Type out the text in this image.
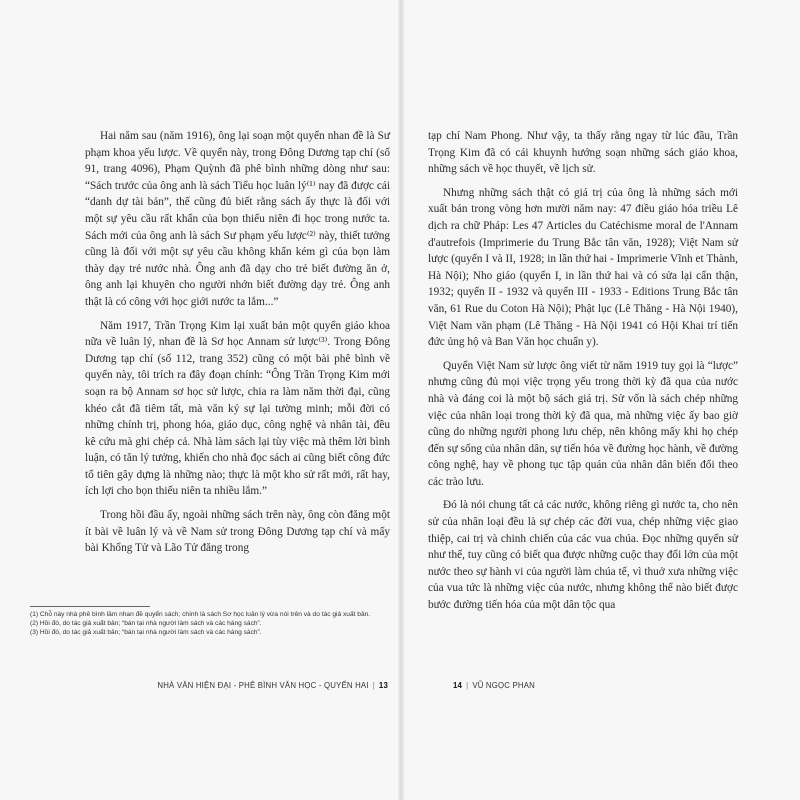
Hai năm sau (năm 1916), ông lại soạn một quyển nhan đề là Sư phạm khoa yếu lược. Về quyển này, trong Đông Dương tạp chí (số 91, trang 4096), Phạm Quỳnh đã phê bình những dòng như sau: “Sách trước của ông anh là sách Tiểu học luân lý⁽¹⁾ nay đã được cái “danh dự tài bản”, thế cũng đủ biết rằng sách ấy thực là đối với một sự yêu cầu rất khẩn của bọn thiếu niên đi học trong nước ta. Sách mới của ông anh là sách Sư phạm yếu lược⁽²⁾ này, thiết tưởng cũng là đối với một sự yêu cầu không khẩn kém gì của bọn làm thày dạy trẻ nước nhà. Ông anh đã dạy cho trẻ biết đường ăn ở, ông anh lại khuyên cho người nhớn biết đường dạy trẻ. Ông anh thật là có công với học giới nước ta lắm...”

Năm 1917, Trần Trọng Kim lại xuất bản một quyển giáo khoa nữa về luân lý, nhan đề là Sơ học Annam sử lược⁽³⁾. Trong Đông Dương tạp chí (số 112, trang 352) cũng có một bài phê bình về quyển này, tôi trích ra đây đoạn chính: “Ông Trần Trọng Kim mới soạn ra bộ Annam sơ học sử lược, chia ra làm năm thời đại, cũng khéo cắt đã tiêm tất, mà văn ký sự lại tường minh; mỗi đời có những chính trị, phong hóa, giáo dục, công nghệ và nhân tài, đều kê cứu mà ghi chép cả. Nhà làm sách lại tùy việc mà thêm lời bình luận, có tăn lý tưởng, khiến cho nhà đọc sách ai cũng biết công đức tổ tiên gây dựng là những nào; thực là một kho sử rất mới, rất hay, ích lợi cho bọn thiếu niên ta nhiều lắm.”

Trong hồi đầu ấy, ngoài những sách trên này, ông còn đăng một ít bài về luân lý và về Nam sử trong Đông Dương tạp chí và mấy bài Khổng Tử và Lão Tử đăng trong

(1) Chỗ này nhà phê bình lầm nhan đề quyển sách; chính là sách Sơ học luân lý vừa nói trên và do tác giả xuất bản.

(2) Hồi đó, do tác giả xuất bản; “bán tại nhà người làm sách và các hàng sách”.

(3) Hồi đó, do tác giả xuất bản; “bán tại nhà người làm sách và các hàng sách”.

NHÀ VĂN HIỆN ĐẠI - PHÊ BÌNH VĂN HỌC - QUYỂN HAI | 13

tạp chí Nam Phong. Như vậy, ta thấy rằng ngay từ lúc đầu, Trần Trọng Kim đã có cái khuynh hướng soạn những sách giáo khoa, những sách về học thuyết, về lịch sử.

Nhưng những sách thật có giá trị của ông là những sách mới xuất bản trong vòng hơn mười năm nay: 47 điều giáo hóa triều Lê dịch ra chữ Pháp: Les 47 Articles du Catéchisme moral de l'Annam d'autrefois (Imprimerie du Trung Bắc tân văn, 1928); Việt Nam sử lược (quyển I và II, 1928; in lần thứ hai - Imprimerie Vĩnh et Thành, Hà Nội); Nho giáo (quyển I, in lần thứ hai và có sửa lại cẩn thận, 1932; quyển II - 1932 và quyển III - 1933 - Editions Trung Bắc tân văn, 61 Rue du Coton Hà Nội); Phật lục (Lê Thăng - Hà Nội 1940), Việt Nam văn phạm (Lê Thăng - Hà Nội 1941 có Hội Khai trí tiến đức ủng hộ và Ban Văn học chuẩn y).

Quyển Việt Nam sử lược ông viết từ năm 1919 tuy gọi là “lược” nhưng cũng đủ mọi việc trọng yếu trong thời kỳ đã qua của nước nhà và đáng coi là một bộ sách giá trị. Sử vốn là sách chép những việc của nhân loại trong thời kỳ đã qua, mà những việc ấy bao giờ cũng do những người phong lưu chép, nên không mấy khi họ chép đến sự sống của nhân dân, sự tiến hóa về đường học hành, về đường công nghệ, hay về phong tục tập quán của nhân dân biến đổi theo các trào lưu.

Đó là nói chung tất cả các nước, không riêng gì nước ta, cho nên sử của nhân loại đều là sự chép các đời vua, chép những việc giao thiệp, cai trị và chinh chiến của các vua chúa. Đọc những quyển sử như thế, tuy cũng có biết qua được những cuộc thay đổi lớn của một nước theo sự hành vi của người làm chúa tể, vì thuở xưa những việc của vua tức là những việc của nước, nhưng không thể nào biết được bước đường tiến hóa của một dân tộc qua

14 | VŨ NGỌC PHAN
